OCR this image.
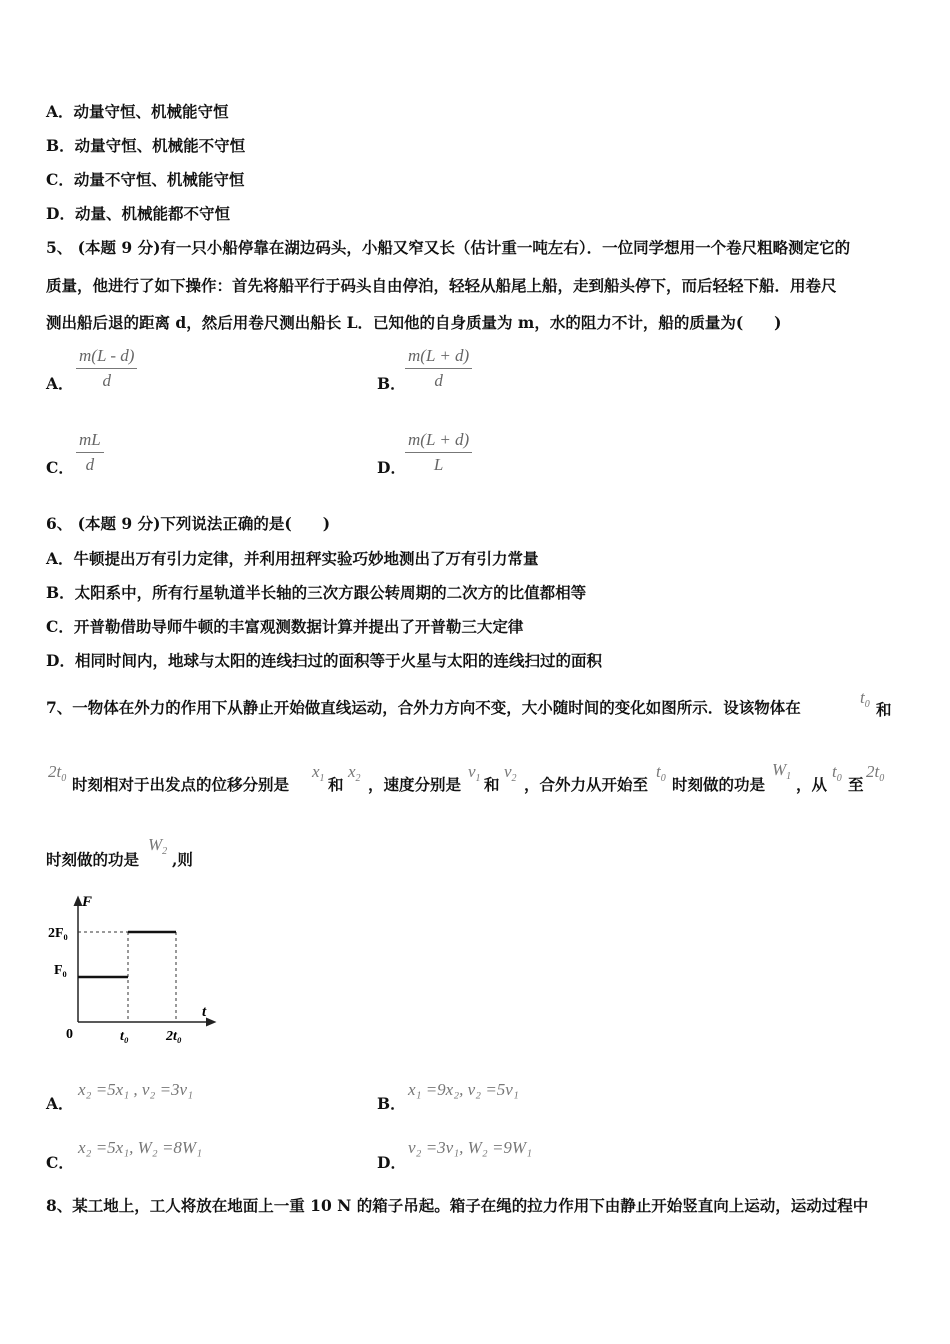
A．动量守恒、机械能守恒
B．动量守恒、机械能不守恒
C．动量不守恒、机械能守恒
D．动量、机械能都不守恒
5、 (本题 9 分)有一只小船停靠在湖边码头，小船又窄又长（估计重一吨左右）．一位同学想用一个卷尺粗略测定它的
质量，他进行了如下操作：首先将船平行于码头自由停泊，轻轻从船尾上船，走到船头停下，而后轻轻下船．用卷尺
测出船后退的距离 d，然后用卷尺测出船长 L．已知他的自身质量为 m，水的阻力不计，船的质量为(　　)
A．
m(L - d)
d	B．
m(L + d)
d
C．
mL
d	D．
m(L + d)
L
6、 (本题 9 分)下列说法正确的是(　　)
A．牛顿提出万有引力定律，并利用扭秤实验巧妙地测出了万有引力常量
B．太阳系中，所有行星轨道半长轴的三次方跟公转周期的二次方的比值都相等
C．开普勒借助导师牛顿的丰富观测数据计算并提出了开普勒三大定律
D．相同时间内，地球与太阳的连线扫过的面积等于火星与太阳的连线扫过的面积
7、一物体在外力的作用下从静止开始做直线运动，合外力方向不变，大小随时间的变化如图所示．设该物体在
$t_0$ 和
$2t_0$ 时刻相对于出发点的位移分别是
$x_1$ 和
$x_2$ ，速度分别是
$v_1$ 和
$v_2$ ，合外力从开始至
$t_0$ 时刻做的功是
$W_1$ ，从
$t_0$ 至
$2t_0$
时刻做的功是
$W_2$ ,则
F
t
0
2F₀
F₀
t₀	2t₀
A．
x₂ =5x₁ , v₂ =3v₁
B．
x₁ =9x₂, v₂ =5v₁
C．
x₂ =5x₁, W₂ =8W₁
D．
v₂ =3v₁, W₂ =9W₁
8、某工地上，工人将放在地面上一重 10 N 的箱子吊起。箱子在绳的拉力作用下由静止开始竖直向上运动，运动过程中
